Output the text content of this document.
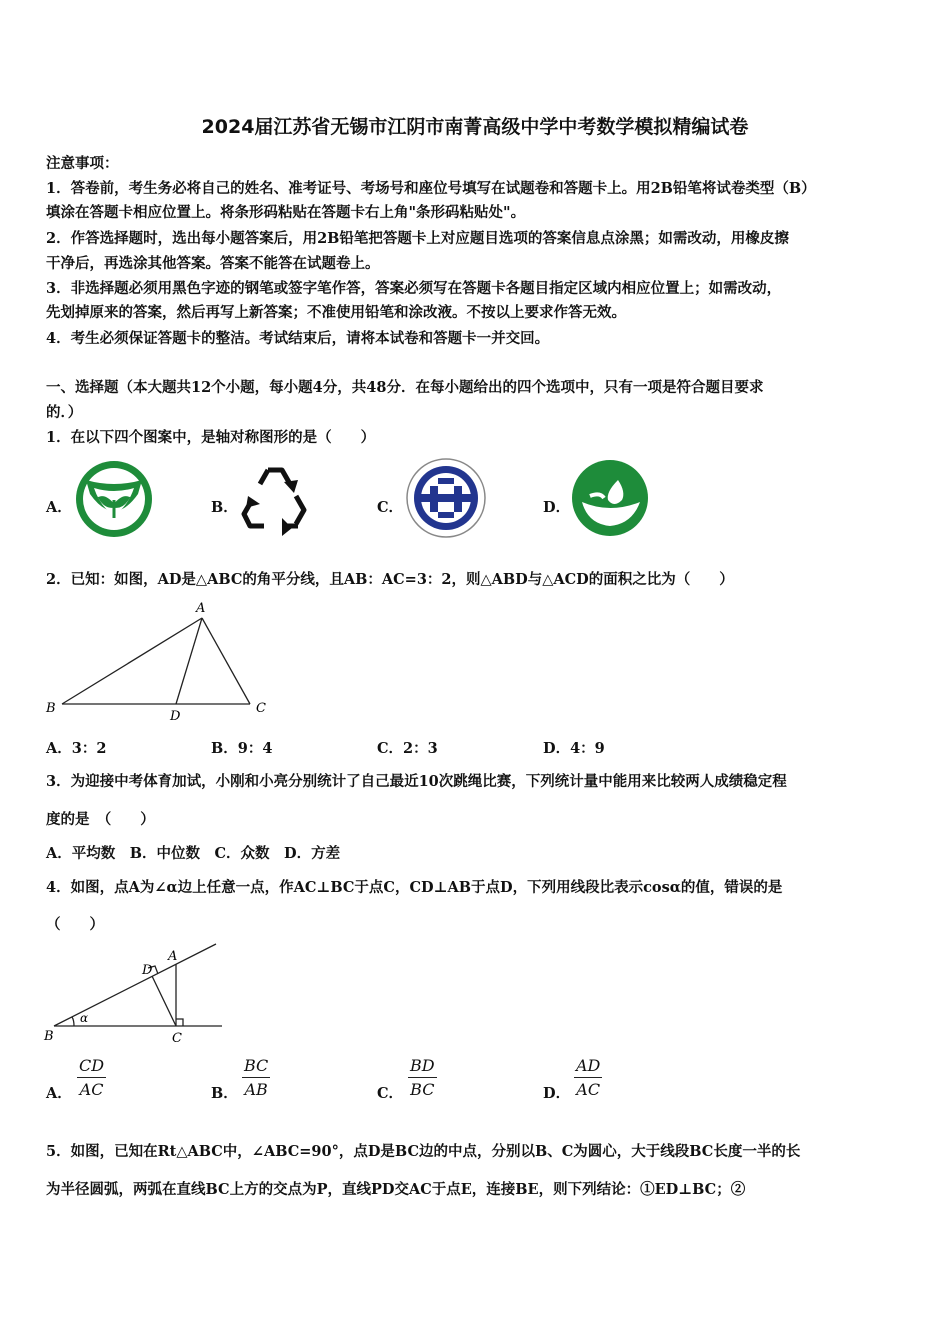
2024届江苏省无锡市江阴市南菁高级中学中考数学模拟精编试卷
注意事项：
1．答卷前，考生务必将自己的姓名、准考证号、考场号和座位号填写在试题卷和答题卡上。用2B铅笔将试卷类型（B）
填涂在答题卡相应位置上。将条形码粘贴在答题卡右上角"条形码粘贴处"。
2．作答选择题时，选出每小题答案后，用2B铅笔把答题卡上对应题目选项的答案信息点涂黑；如需改动，用橡皮擦
干净后，再选涂其他答案。答案不能答在试题卷上。
3．非选择题必须用黑色字迹的钢笔或签字笔作答，答案必须写在答题卡各题目指定区域内相应位置上；如需改动，
先划掉原来的答案，然后再写上新答案；不准使用铅笔和涂改液。不按以上要求作答无效。
4．考生必须保证答题卡的整洁。考试结束后，请将本试卷和答题卡一并交回。
一、选择题（本大题共12个小题，每小题4分，共48分．在每小题给出的四个选项中，只有一项是符合题目要求
的．）
1．在以下四个图案中，是轴对称图形的是（　　）
A．	B．	C．	D．
2．已知：如图，AD是△ABC的角平分线，且AB：AC=3：2，则△ABD与△ACD的面积之比为（　　）
A
B	C
D
A．3：2	B．9：4	C．2：3	D．4：9
3．为迎接中考体育加试，小刚和小亮分别统计了自己最近10次跳绳比赛，下列统计量中能用来比较两人成绩稳定程
度的是　（　　）
A．平均数　B．中位数　C．众数　D．方差
4．如图，点A为∠α边上任意一点，作AC⊥BC于点C，CD⊥AB于点D，下列用线段比表示cosα的值，错误的是
（　　）
A
D
B	C
α
A．
CD
AC	B．
BC
AB	C．
BD
BC	D．
AD
AC
5．如图，已知在Rt△ABC中，∠ABC=90°，点D是BC边的中点，分别以B、C为圆心，大于线段BC长度一半的长
为半径圆弧，两弧在直线BC上方的交点为P，直线PD交AC于点E，连接BE，则下列结论：①ED⊥BC；②
